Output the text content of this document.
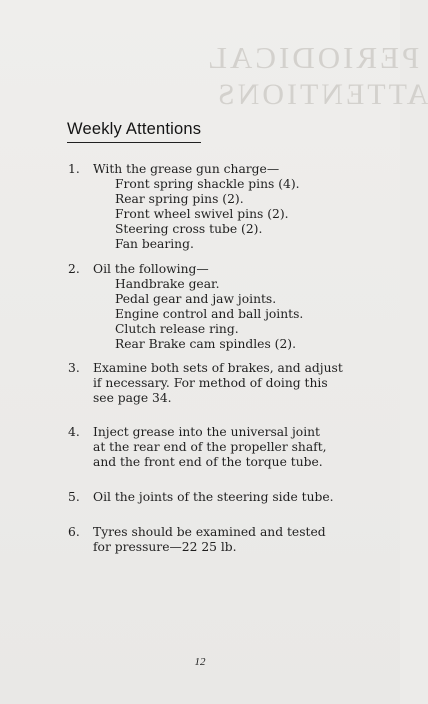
PERIODICAL
ATTENTIONS
Weekly Attentions
1. With the grease gun charge—
Front spring shackle pins (4).
Rear spring pins (2).
Front wheel swivel pins (2).
Steering cross tube (2).
Fan bearing.
2. Oil the following—
Handbrake gear.
Pedal gear and jaw joints.
Engine control and ball joints.
Clutch release ring.
Rear Brake cam spindles (2).
3. Examine both sets of brakes, and adjust
if necessary. For method of doing this
see page 34.
4. Inject grease into the universal joint
at the rear end of the propeller shaft,
and the front end of the torque tube.
5. Oil the joints of the steering side tube.
6. Tyres should be examined and tested
for pressure—22 25 lb.
12
